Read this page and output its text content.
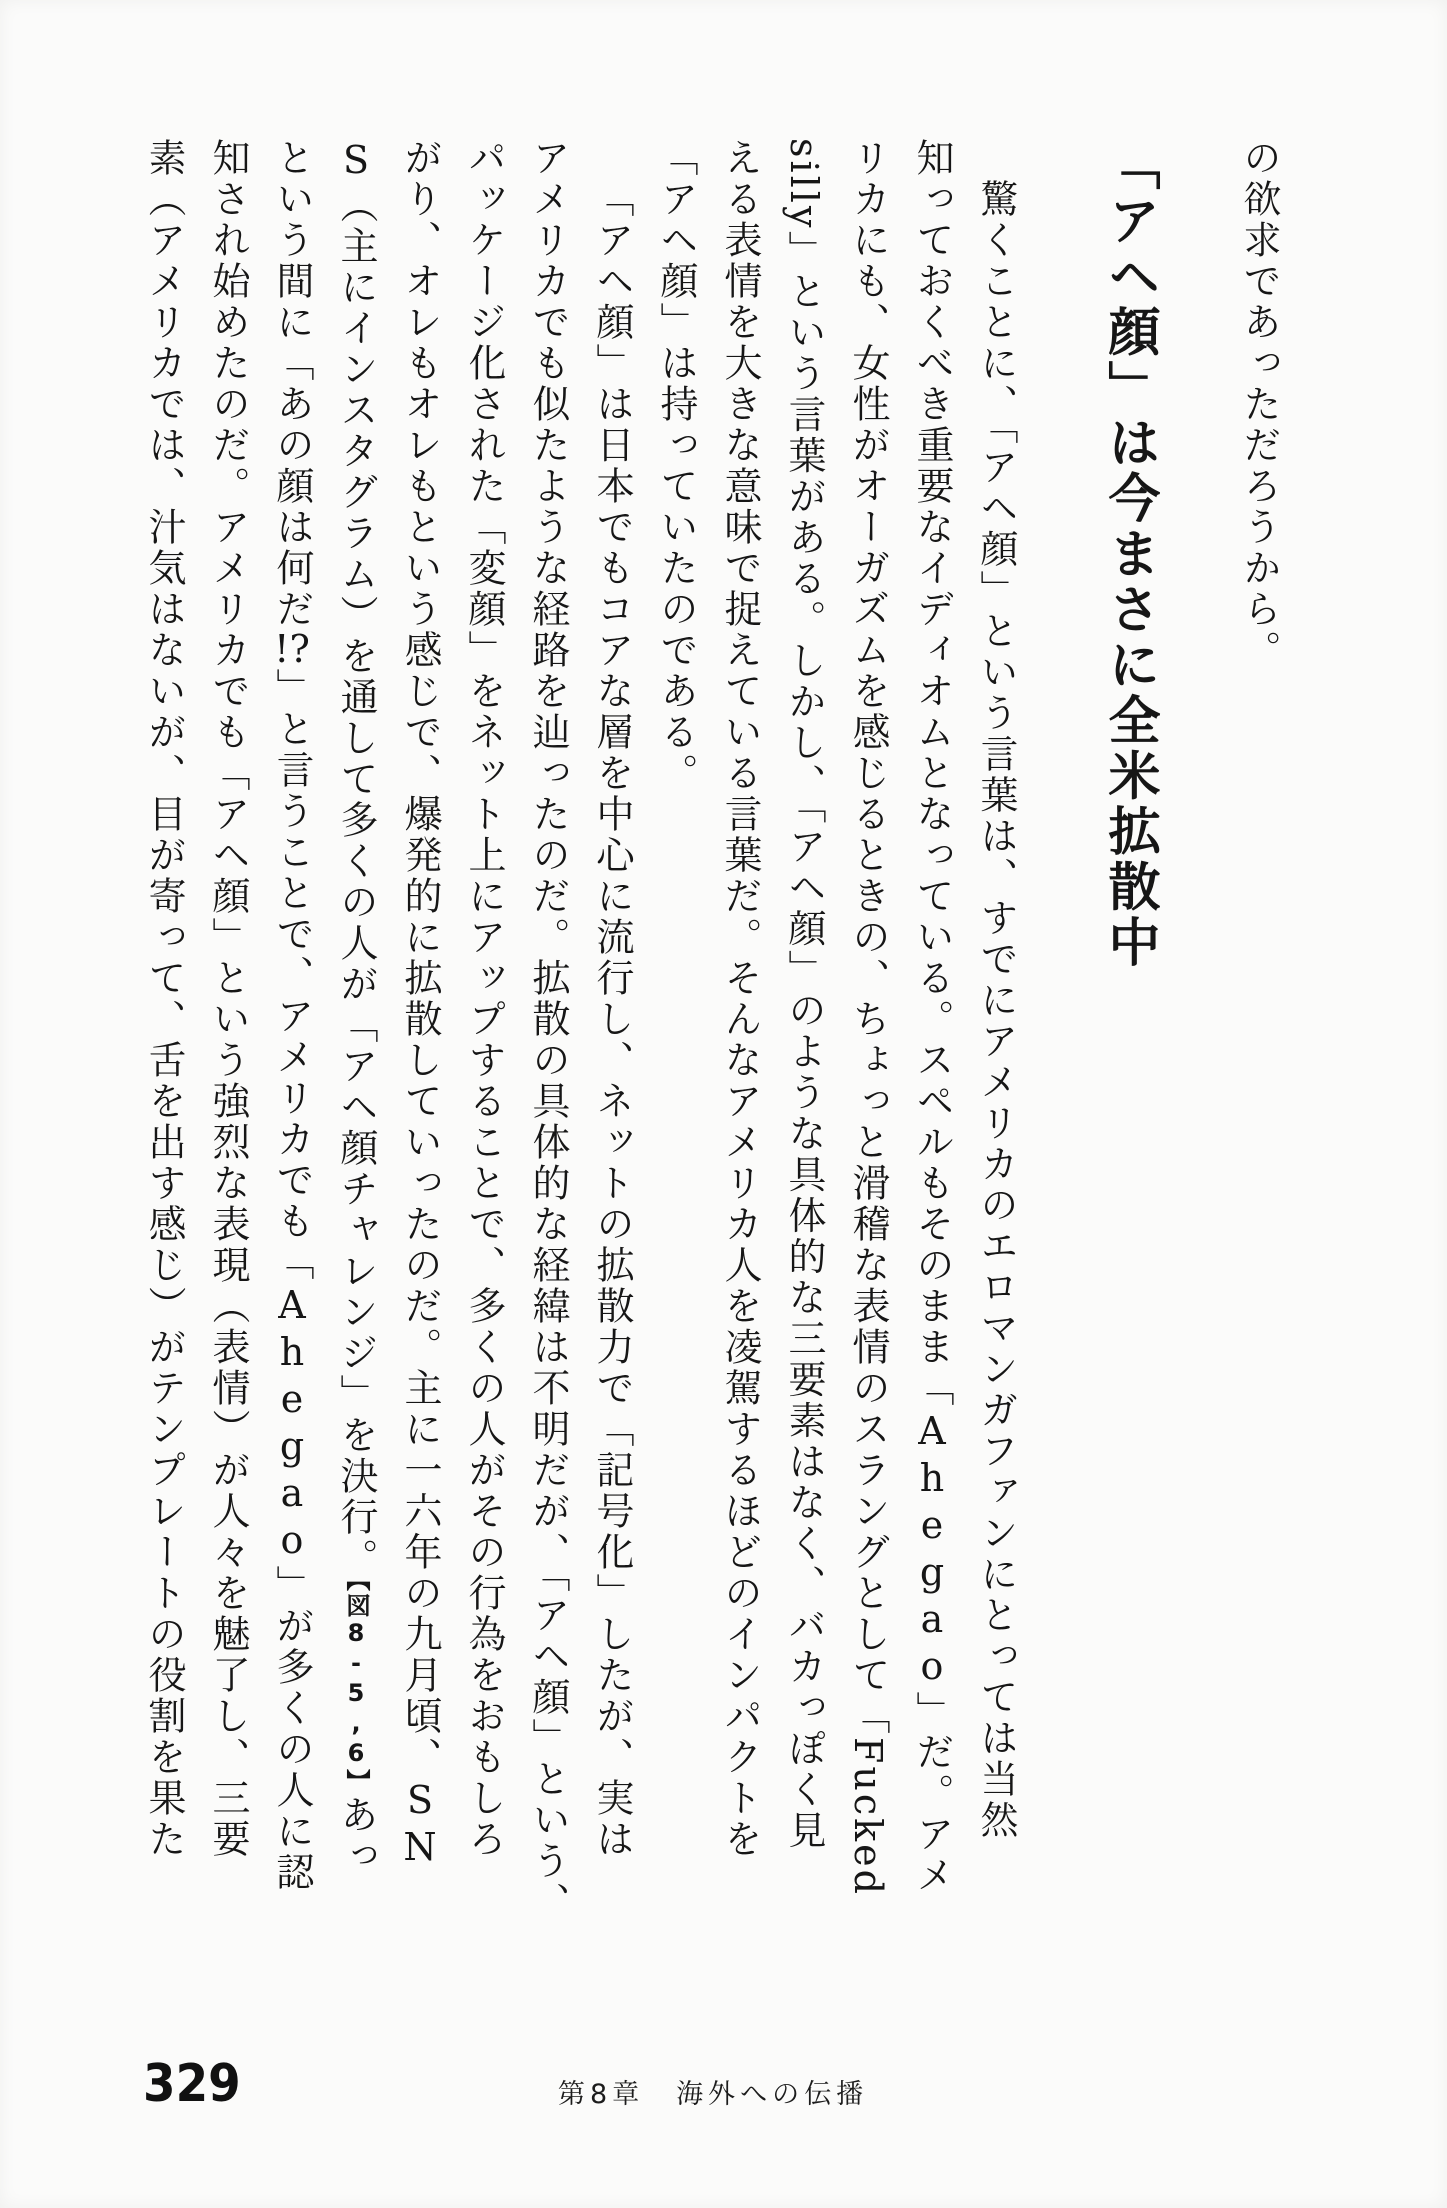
の欲求であっただろうから。
「アヘ顔」は今まさに全米拡散中
驚くことに、「アヘ顔」という言葉は、すでにアメリカのエロマンガファンにとっては当然
知っておくべき重要なイディオムとなっている。スペルもそのまま「Ahegao」だ。アメ
リカにも、女性がオーガズムを感じるときの、ちょっと滑稽な表情のスラングとして「Fucked
silly」という言葉がある。しかし、「アヘ顔」のような具体的な三要素はなく、バカっぽく見
える表情を大きな意味で捉えている言葉だ。そんなアメリカ人を凌駕するほどのインパクトを
「アヘ顔」は持っていたのである。
「アヘ顔」は日本でもコアな層を中心に流行し、ネットの拡散力で「記号化」したが、実は
アメリカでも似たような経路を辿ったのだ。拡散の具体的な経緯は不明だが、「アヘ顔」という、
パッケージ化された「変顔」をネット上にアップすることで、多くの人がその行為をおもしろ
がり、オレもオレもという感じで、爆発的に拡散していったのだ。主に一六年の九月頃、SN
S（主にインスタグラム）を通して多くの人が「アヘ顔チャレンジ」を決行。【図8-5,6】あっ
という間に「あの顔は何だ!?」と言うことで、アメリカでも「Ahegao」が多くの人に認
知され始めたのだ。アメリカでも「アヘ顔」という強烈な表現（表情）が人々を魅了し、三要
素（アメリカでは、汁気はないが、目が寄って、舌を出す感じ）がテンプレートの役割を果た
329	第8章　海外への伝播
